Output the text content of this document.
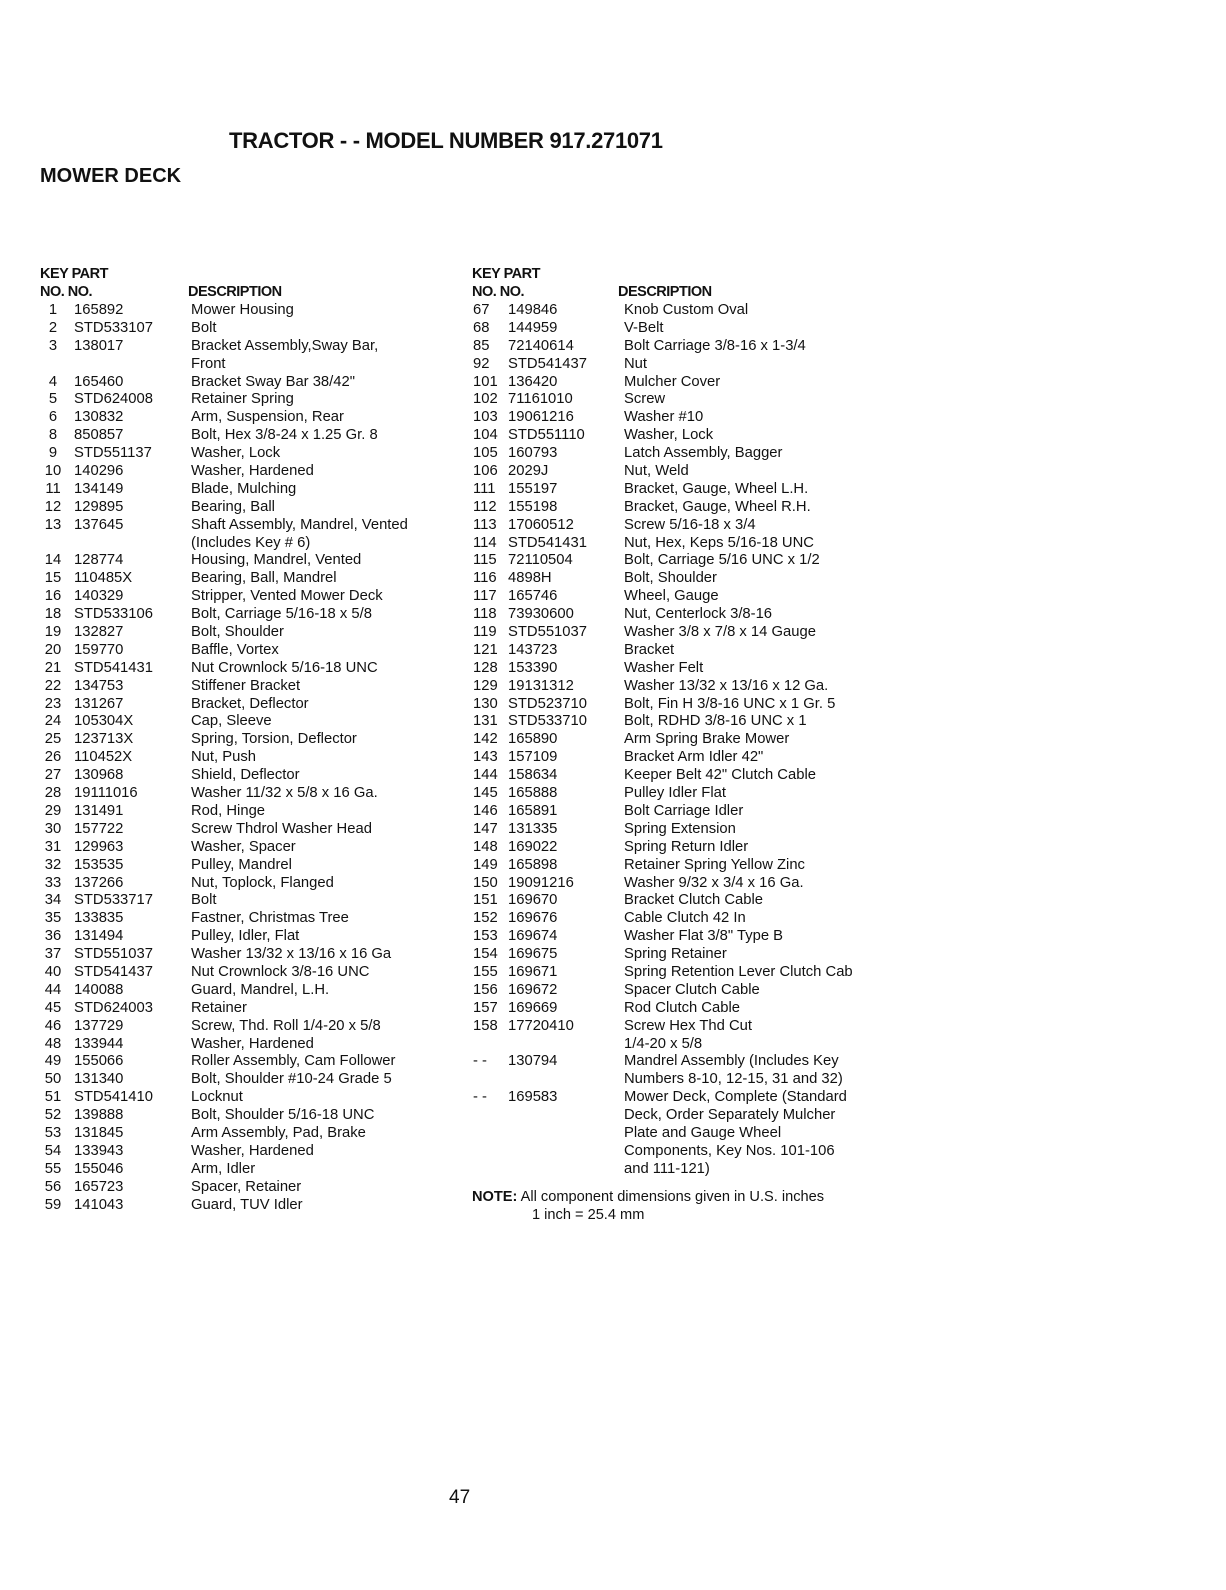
TRACTOR - - MODEL NUMBER 917.271071
MOWER DECK
KEY PART
NO. NO.	DESCRIPTION
1	165892	Mower Housing
2	STD533107	Bolt
3	138017	Bracket Assembly,Sway Bar,
Front
4	165460	Bracket Sway Bar 38/42"
5	STD624008	Retainer Spring
6	130832	Arm, Suspension, Rear
8	850857	Bolt, Hex 3/8-24 x 1.25 Gr. 8
9	STD551137	Washer, Lock
10 140296	Washer, Hardened
11 134149	Blade, Mulching
12 129895	Bearing, Ball
13 137645	Shaft Assembly, Mandrel, Vented
(Includes Key # 6)
14 128774	Housing, Mandrel, Vented
15 110485X	Bearing, Ball, Mandrel
16 140329	Stripper, Vented Mower Deck
18 STD533106	Bolt, Carriage 5/16-18 x 5/8
19 132827	Bolt, Shoulder
20 159770	Baffle, Vortex
21 STD541431	Nut Crownlock 5/16-18 UNC
22 134753	Stiffener Bracket
23 131267	Bracket, Deflector
24 105304X	Cap, Sleeve
25 123713X	Spring, Torsion, Deflector
26 110452X	Nut, Push
27 130968	Shield, Deflector
28 19111016	Washer 11/32 x 5/8 x 16 Ga.
29 131491	Rod, Hinge
30 157722	Screw Thdrol Washer Head
31 129963	Washer, Spacer
32 153535	Pulley, Mandrel
33 137266	Nut, Toplock, Flanged
34 STD533717	Bolt
35 133835	Fastner, Christmas Tree
36 131494	Pulley, Idler, Flat
37 STD551037	Washer 13/32 x 13/16 x 16 Ga
40 STD541437	Nut Crownlock 3/8-16 UNC
44 140088	Guard, Mandrel, L.H.
45 STD624003	Retainer
46 137729	Screw, Thd. Roll 1/4-20 x 5/8
48 133944	Washer, Hardened
49 155066	Roller Assembly, Cam Follower
50 131340	Bolt, Shoulder #10-24 Grade 5
51 STD541410	Locknut
52 139888	Bolt, Shoulder 5/16-18 UNC
53 131845	Arm Assembly, Pad, Brake
54 133943	Washer, Hardened
55 155046	Arm, Idler
56 165723	Spacer, Retainer
59 141043	Guard, TUV Idler
KEY PART
NO. NO.	DESCRIPTION
67 149846	Knob Custom Oval
68 144959	V-Belt
85 72140614	Bolt Carriage 3/8-16 x 1-3/4
92 STD541437	Nut
101 136420	Mulcher Cover
102 71161010	Screw
103 19061216	Washer #10
104 STD551110	Washer, Lock
105 160793	Latch Assembly, Bagger
106 2029J	Nut, Weld
111 155197	Bracket, Gauge, Wheel L.H.
112 155198	Bracket, Gauge, Wheel R.H.
113 17060512	Screw 5/16-18 x 3/4
114 STD541431	Nut, Hex, Keps 5/16-18 UNC
115 72110504	Bolt, Carriage 5/16 UNC x 1/2
116 4898H	Bolt, Shoulder
117 165746	Wheel, Gauge
118 73930600	Nut, Centerlock 3/8-16
119 STD551037	Washer 3/8 x 7/8 x 14 Gauge
121 143723	Bracket
128 153390	Washer Felt
129 19131312	Washer 13/32 x 13/16 x 12 Ga.
130 STD523710	Bolt, Fin H 3/8-16 UNC x 1 Gr. 5
131 STD533710	Bolt, RDHD 3/8-16 UNC x 1
142 165890	Arm Spring Brake Mower
143 157109	Bracket Arm Idler 42"
144 158634	Keeper Belt 42" Clutch Cable
145 165888	Pulley Idler Flat
146 165891	Bolt Carriage Idler
147 131335	Spring Extension
148 169022	Spring Return Idler
149 165898	Retainer Spring Yellow Zinc
150 19091216	Washer 9/32 x 3/4 x 16 Ga.
151 169670	Bracket Clutch Cable
152 169676	Cable Clutch 42 In
153 169674	Washer Flat 3/8" Type B
154 169675	Spring Retainer
155 169671	Spring Retention Lever Clutch Cab
156 169672	Spacer Clutch Cable
157 169669	Rod Clutch Cable
158 17720410	Screw Hex Thd Cut
1/4-20 x 5/8
- - 130794	Mandrel Assembly (Includes Key
Numbers 8-10, 12-15, 31 and 32)
- - 169583	Mower Deck, Complete (Standard
Deck, Order Separately Mulcher
Plate and Gauge Wheel
Components, Key Nos. 101-106
and 111-121)
NOTE: All component dimensions given in U.S. inches
1 inch = 25.4 mm
47
